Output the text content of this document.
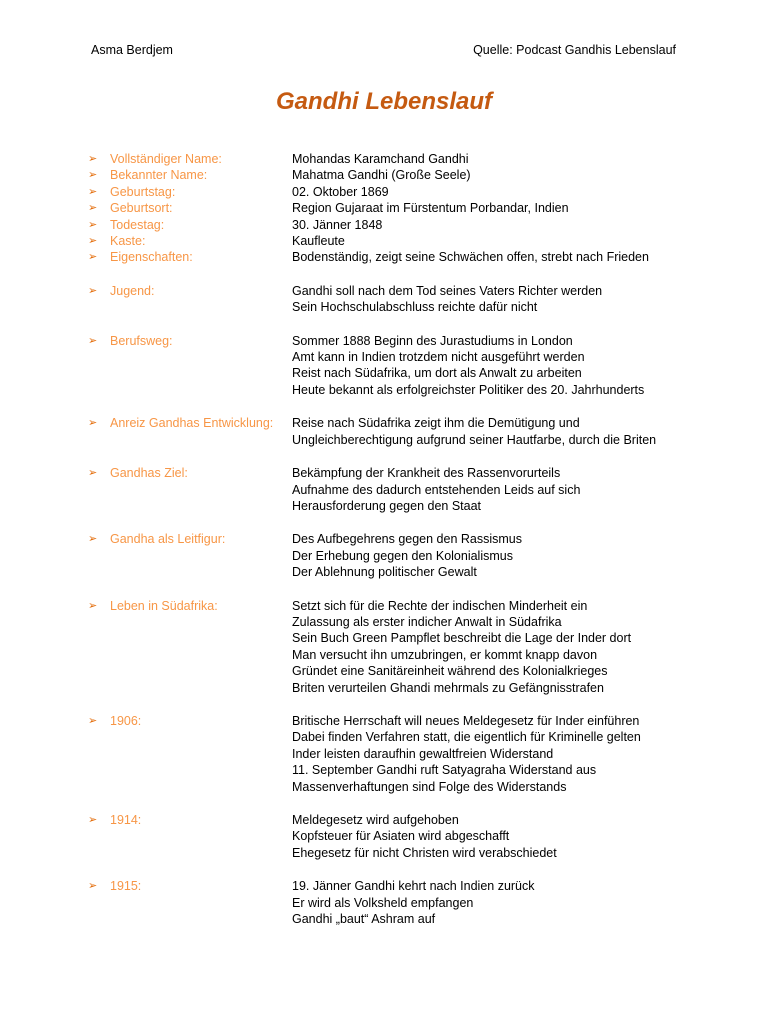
Asma Berdjem	Quelle: Podcast Gandhis Lebenslauf
Gandhi Lebenslauf
➢	Vollständiger Name:	Mohandas Karamchand Gandhi
➢	Bekannter Name:	Mahatma Gandhi (Große Seele)
➢	Geburtstag:	02. Oktober 1869
➢	Geburtsort:	Region Gujaraat im Fürstentum Porbandar, Indien
➢	Todestag:	30. Jänner 1848
➢	Kaste:	Kaufleute
➢	Eigenschaften:	Bodenständig, zeigt seine Schwächen offen, strebt nach Frieden
➢	Jugend:	Gandhi soll nach dem Tod seines Vaters Richter werden
Sein Hochschulabschluss reichte dafür nicht
➢	Berufsweg:	Sommer 1888 Beginn des Jurastudiums in London
Amt kann in Indien trotzdem nicht ausgeführt werden
Reist nach Südafrika, um dort als Anwalt zu arbeiten
Heute bekannt als erfolgreichster Politiker des 20. Jahrhunderts
➢	Anreiz Gandhas Entwicklung:	Reise nach Südafrika zeigt ihm die Demütigung und
Ungleichberechtigung aufgrund seiner Hautfarbe, durch die Briten
➢	Gandhas Ziel:	Bekämpfung der Krankheit des Rassenvorurteils
Aufnahme des dadurch entstehenden Leids auf sich
Herausforderung gegen den Staat
➢	Gandha als Leitfigur:	Des Aufbegehrens gegen den Rassismus
Der Erhebung gegen den Kolonialismus
Der Ablehnung politischer Gewalt
➢	Leben in Südafrika:	Setzt sich für die Rechte der indischen Minderheit ein
Zulassung als erster indicher Anwalt in Südafrika
Sein Buch Green Pampflet beschreibt die Lage der Inder dort
Man versucht ihn umzubringen, er kommt knapp davon
Gründet eine Sanitäreinheit während des Kolonialkrieges
Briten verurteilen Ghandi mehrmals zu Gefängnisstrafen
➢	1906:	Britische Herrschaft will neues Meldegesetz für Inder einführen
Dabei finden Verfahren statt, die eigentlich für Kriminelle gelten
Inder leisten daraufhin gewaltfreien Widerstand
11. September Gandhi ruft Satyagraha Widerstand aus
Massenverhaftungen sind Folge des Widerstands
➢	1914:	Meldegesetz wird aufgehoben
Kopfsteuer für Asiaten wird abgeschafft
Ehegesetz für nicht Christen wird verabschiedet
➢	1915:	19. Jänner Gandhi kehrt nach Indien zurück
Er wird als Volksheld empfangen
Gandhi „baut“ Ashram auf
